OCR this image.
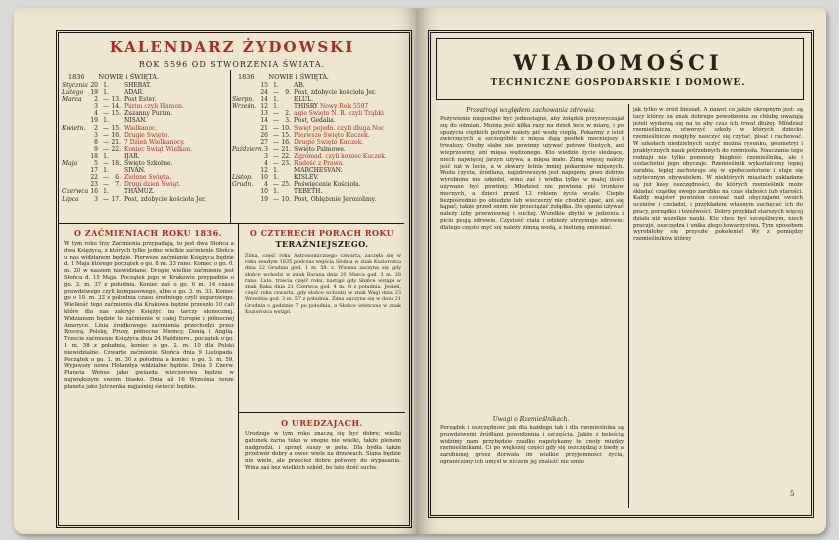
KALENDARZ ŻYDOWSKI
ROK 5596 OD STWORZENIA ŚWIATA.
1836 NOWIE i ŚWIĘTA.
Stycznia 20 1.	SHEBAT.
Lutego	19 1.	ADAR.
Marca	2 — 13. Post Ester.
3 — 14. Purim czyli Hamon.
4 — 15. Zuzanny Purim.
19 1.	NISAN.
Kwietn.	2 — 15. Wielkanoc.
3 — 16. Drugie Święto.
8 — 21. 7 Dzień Wielkanocy.
9 — 22. Koniec Świąt Wielkan.
18 1.	IJAR.
Maja	5 — 18. Święto Szkolne.
17 1.	SIVAN.
22 —	6. Zielone Święta.
23 —	7. Drugi dzień Świąt.
Czerwca 16 1.	THAMUZ.
Lipca	3 — 17. Post, zdobycie kościoła Jer.
1836 NOWIE i ŚWIĘTA.
15 1.	AB.
24 —	9. Post, zdobycie kościoła Jer.
Sierpn.	14 1.	ELUL.
Wrześn. 12 1.	THISRY Nowy Rok 5597
13 —	2. agie Święto N. R. czyli Trąbki
14 —	3. Post, Gedalia.
21 — 10. Swięt pojedn. czyli długa Noc
26 — 15. Pierwsze Święto Kuczek.
27 — 16. Drugie Święto Kuczek.
Październ. 3 — 21. Święto Palmowe.
3 — 22. Zgromad. czyli koniec Kuczek.
4 — 23. Radość z Prawa.
12 1.	MARCHESVAN.
Listop.	10 1.	KISLEV.
Grudn.	4 — 25. Poświęcenie Kościoła.
10 1.	TEBETH.
19 — 10. Post, Oblężenie Jerozolimy.
O ZAĆMIENIACH ROKU 1836.
W tym roku trzy Zaćmienia przypadają, to jest dwa Słońca a dwa Księżyca, z których tylko jedno wielkie zaćmienie Słońca u nas widzianem będzie. Pierwsze zaćmienie Księżyca będzie d. 1 Maja którego początek o go. 8 m. 33 rano. Koniec o go. 0. m. 20 w naszem niewidziane. Drugie wielkie zaćmienie jest Słońca d. 15 Maja. Początek jego w Krakowie przypadnie o go. 3. m. 37 z południa. Koniec zaś o go. 6 m. 14 czasu prawdziwego czyli kompasowego, albo o go. 3. m. 33. Koniec go o 10. m. 33 z południa czasu średniego czyli zegarowego. Wielkość tego zaćmienia dla Krakowa będzie przeszło 10 cali które dla nas zakryje Księżyc na tarczy słonecznej. Widzianem będzie to zaćmienie w całej Europie i północnej Ameryce. Linia środkowego zaćmienia przechodzi przez Rossyą, Polskę, Prusy, północne Niemcy, Danią i Anglią. Trzecie zaćmienie Księżyca dnia 24 Październ., początek o go. 1 m. 58 z południa, koniec o go. 2. m. 10 dla Polski niewidzialne. Czwarte zaćmienie Słońca dnia 9 Listopada. Początek o go. 1. m. 30 z południa a koniec o go. 3. m. 59. Wyjawszy nowa Holandya widzialne będzie. Dnia 5 Czerw. Planeta Wenus jako gwiazda wieczorowa będzie w największym swoim blasku. Dnia až 16 Września tenże planeta jako Jutrzenka najjaśniej świecić będzie.
O CZTERECH PORACH ROKU
TERAŹNIEJSZEGO.
Zima, część roku Astronomicznego czwarta, zaczęła się w roku zeszłym 1835 podczas wejścia Słońca w znak Koziorożca dnia 22 Grudnia god. 1 m. 58. z. Wiosna zaczyna się gdy słońce wchodzi w znak Barana dnia 20 Marca god. 3 m. 28 rano. Lato, trzecia część roku, nastąpi gdy Słońce wstąpi w znak Raka dnia 21 Czerwca god. 4 m. 8 z południa. Jesień, część roku czwarta, gdy słońce wchodzi w znak Wagi dnia 23 Września god. 3 m. 57 z południa. Zima zaczyna się w dniu 21 Grudnia o godzinie 7 po południu, a Słońce wtenczas w znak Koziorożca wstąpi.
O UREDZAJACH.
Urodzaje w tym roku znaczą się być dobre; wielki gatunek żarna tuko w snopie nie wielki, także plenem nadgrodzi, i sprzęt suszy w polu. Dla bydła także przetwór dobry a owoc wiele na drzewach. Siana będzie nie wiele, ale przecież dobre potwory do wypasania. Wina zaś bez wielkich szkód, bo lato dość suche.
WIADOMOŚCI
TECHNICZNE GOSPODARSKIE I DOMOWE.
Przestrogi względem zachowania zdrowia.
Pożywienie nieposilne być jednostajne, aby żołądek przyzwyczajał się do odmian. Można jeść kilka razy na dzień lecz w miarę, i po spożyciu ciężkich potraw należy pić wodę ciepłą. Pokarmy z istot zwierzęcych a szczególnie z mięsa dają posiłek mocniejszy i trwalszy. Osoby słabe nie powinny używać potraw tłustych, ani wieprzowiny, ani mięsa wędzonego. Kto wiedzie życie siedzące, niech najwięcej jarzyn używa, a mięsa mało. Zimą więcej należy jeść niż w lecie, a w skwary letnie mniej pokarmów mięsnych. Woda czysta, źródlana, najzdrowszym jest napojem; piwo dobrze wyrobione nie szkodzi, wino zaś i wódka tylko w małej ilości używane być powinny. Młodzież nie powinna pić trunków mocnych, a dzieci przed 12 rokiem życia wcale. Ciepło bezpośrednio po obiedzie lub wieczerzy nie chodzić spać, ani się kąpać; także przed snem nie przeciążać żołądka. Do spania używać należy izby przewiewnej i suchej. Wszelkie zbytki w jedzeniu i piciu psują zdrowie. Czystość ciała i odzieży utrzymuje zdrowie; dlatego często myć się należy zimną wodą, a bielizną zmieniać.
Uwagi o Rzemieślnikach.
Porządek i oszczędność jak dla każdego tak i dla rzemieślnika są prawdziwemi źródłami powodzenia i szczęścia. Jakże z boleścią widzimy nam przybędzie rzadko napotykamy te cnoty między rzemieślnikami. Ci po większej części gdy się oszczędzaj z biedy a zarobionej grosz dorwała im wielkie przyjemności życia, ograniczony ich umysł w niczem jej znaleźć nie umie
jak tylko w śród biesiad. A nawet co jakże okropnym jest: są tacy którzy za znak dobrego powodzenia za chlubę uważają jeżeli wydarzą się na to aby czas ich trwał dłużej. Młodzież rzemieślnicza, utworzyć szkoły w których dziecko rzemieślnicze mogłyby nauczyć się czytać, pisać i rachować. W szkołach niedzielnych uczyć można rysunku, geometryi i praktycznych nauk potrzebnych do rzemiosła. Nauczanie tego rodzaju nie tylko pomnoży biegłość rzemieślnika, ale i uszlachetni jego obyczaje. Rzemieślnik wykształcony lepiej zarabia, lepiej zachowuje się w społeczeństwie i staje się użytecznym obywatelem. W niektórych miastach zakładane są już kasy oszczędności, do których rzemieślnik może składać cząstkę swego zarobku na czas słabości lub starości. Każdy majster powinien czuwać nad obyczajami swoich uczniów i czeladzi, i przykładem własnym zachęcać ich do pracy, porządku i trzeźwości. Dobry przykład starszych więcej działa niż wszelkie nauki. Kto chce być szczęśliwym, niech pracuje, oszczędza i unika złego towarzystwa. Tym sposobem wyrobiłoby się przyszłe pokolenie! Wy z pomiędzy rzemieślników którzy
5
